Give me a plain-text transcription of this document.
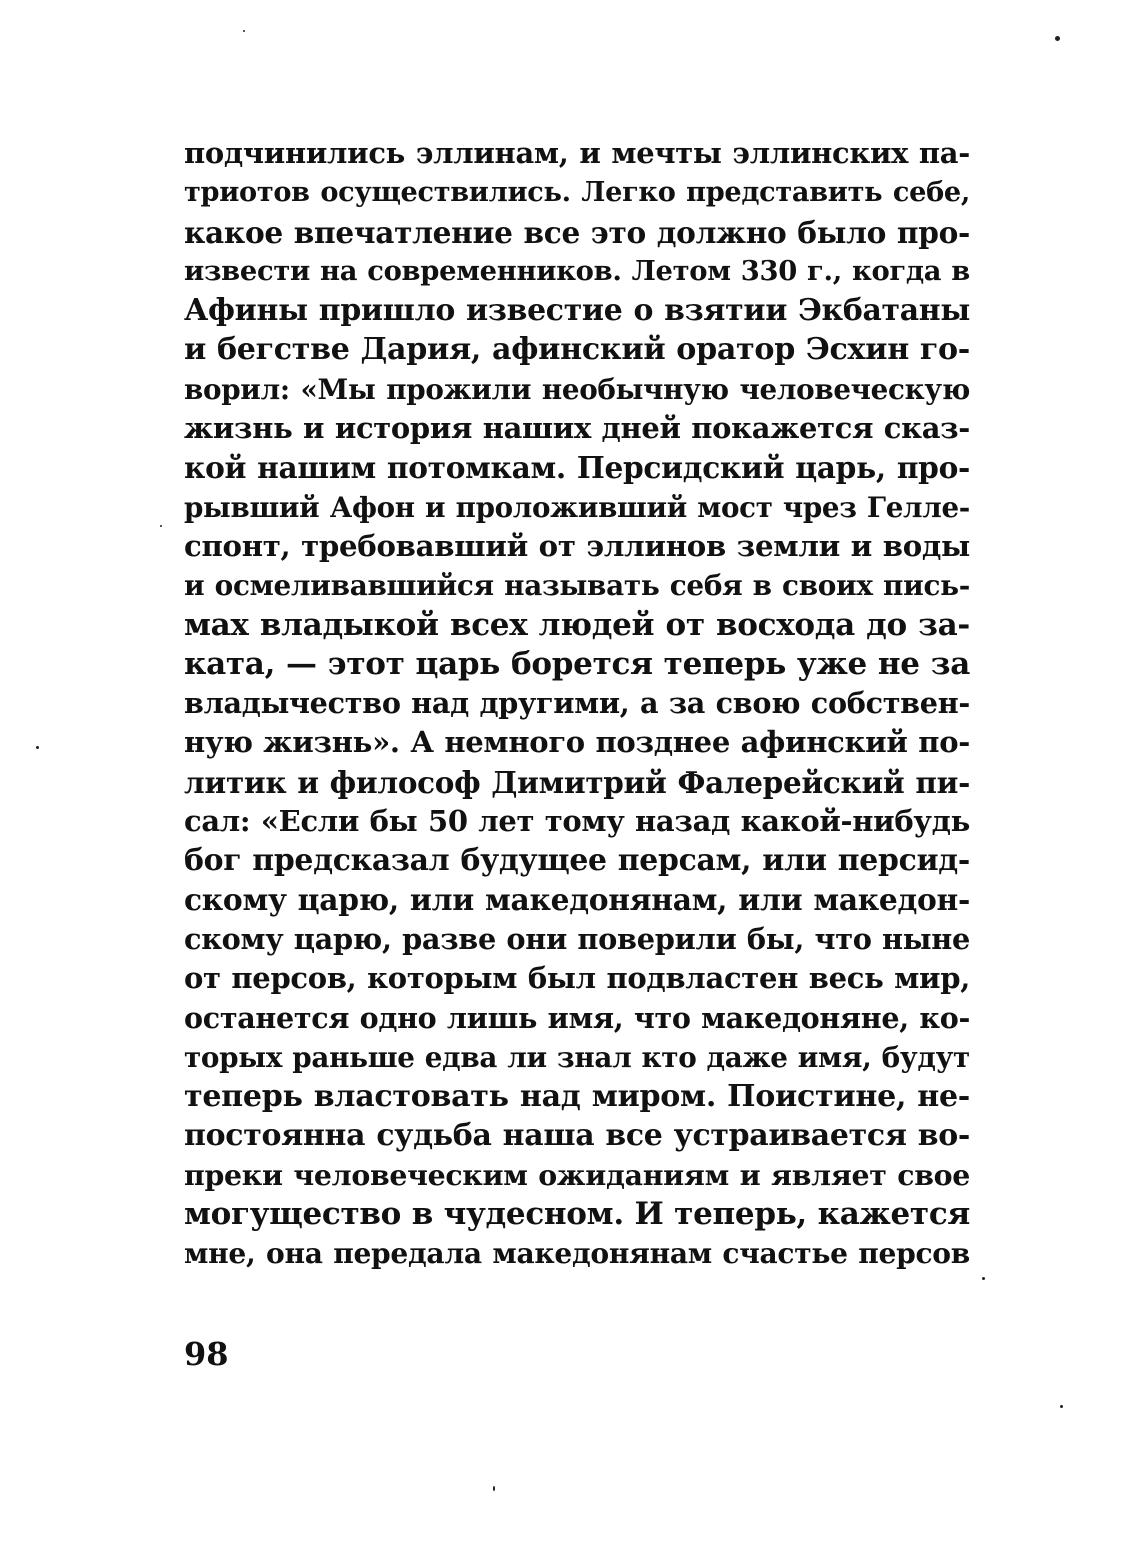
подчинились эллинам, и мечты эллинских па-
триотов осуществились. Легко представить себе,
какое впечатление все это должно было про-
извести на современников. Летом 330 г., когда в
Афины пришло известие о взятии Экбатаны
и бегстве Дария, афинский оратор Эсхин го-
ворил: «Мы прожили необычную человеческую
жизнь и история наших дней покажется сказ-
кой нашим потомкам. Персидский царь, про-
рывший Афон и проложивший мост чрез Гелле-
спонт, требовавший от эллинов земли и воды
и осмеливавшийся называть себя в своих пись-
мах владыкой всех людей от восхода до за-
ката, — этот царь борется теперь уже не за
владычество над другими, а за свою собствен-
ную жизнь». А немного позднее афинский по-
литик и философ Димитрий Фалерейский пи-
сал: «Если бы 50 лет тому назад какой-нибудь
бог предсказал будущее персам, или персид-
скому царю, или македонянам, или македон-
скому царю, разве они поверили бы, что ныне
от персов, которым был подвластен весь мир,
останется одно лишь имя, что македоняне, ко-
торых раньше едва ли знал кто даже имя, будут
теперь властовать над миром. Поистине, не-
постоянна судьба наша все устраивается во-
преки человеческим ожиданиям и являет свое
могущество в чудесном. И теперь, кажется
мне, она передала македонянам счастье персов
98
